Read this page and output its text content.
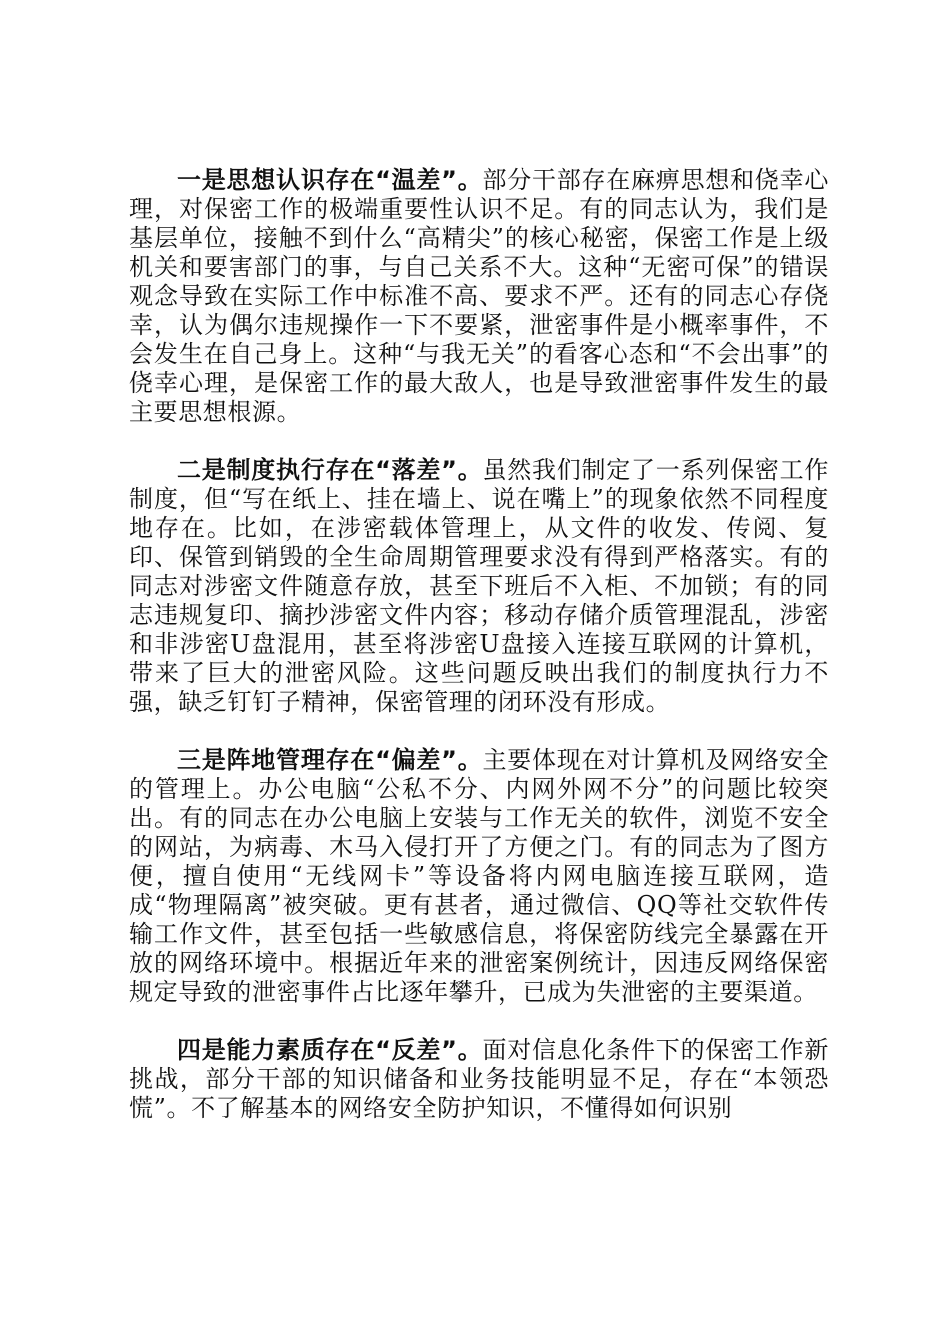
一是思想认识存在“温差”。部分干部存在麻痹思想和侥幸心理，对保密工作的极端重要性认识不足。有的同志认为，我们是基层单位，接触不到什么“高精尖”的核心秘密，保密工作是上级机关和要害部门的事，与自己关系不大。这种“无密可保”的错误观念导致在实际工作中标准不高、要求不严。还有的同志心存侥幸，认为偶尔违规操作一下不要紧，泄密事件是小概率事件，不会发生在自己身上。这种“与我无关”的看客心态和“不会出事”的侥幸心理，是保密工作的最大敌人，也是导致泄密事件发生的最主要思想根源。

二是制度执行存在“落差”。虽然我们制定了一系列保密工作制度，但“写在纸上、挂在墙上、说在嘴上”的现象依然不同程度地存在。比如，在涉密载体管理上，从文件的收发、传阅、复印、保管到销毁的全生命周期管理要求没有得到严格落实。有的同志对涉密文件随意存放，甚至下班后不入柜、不加锁；有的同志违规复印、摘抄涉密文件内容；移动存储介质管理混乱，涉密和非涉密U盘混用，甚至将涉密U盘接入连接互联网的计算机，带来了巨大的泄密风险。这些问题反映出我们的制度执行力不强，缺乏钉钉子精神，保密管理的闭环没有形成。

三是阵地管理存在“偏差”。主要体现在对计算机及网络安全的管理上。办公电脑“公私不分、内网外网不分”的问题比较突出。有的同志在办公电脑上安装与工作无关的软件，浏览不安全的网站，为病毒、木马入侵打开了方便之门。有的同志为了图方便，擅自使用“无线网卡”等设备将内网电脑连接互联网，造成“物理隔离”被突破。更有甚者，通过微信、QQ等社交软件传输工作文件，甚至包括一些敏感信息，将保密防线完全暴露在开放的网络环境中。根据近年来的泄密案例统计，因违反网络保密规定导致的泄密事件占比逐年攀升，已成为失泄密的主要渠道。

四是能力素质存在“反差”。面对信息化条件下的保密工作新挑战，部分干部的知识储备和业务技能明显不足，存在“本领恐慌”。不了解基本的网络安全防护知识，不懂得如何识别
